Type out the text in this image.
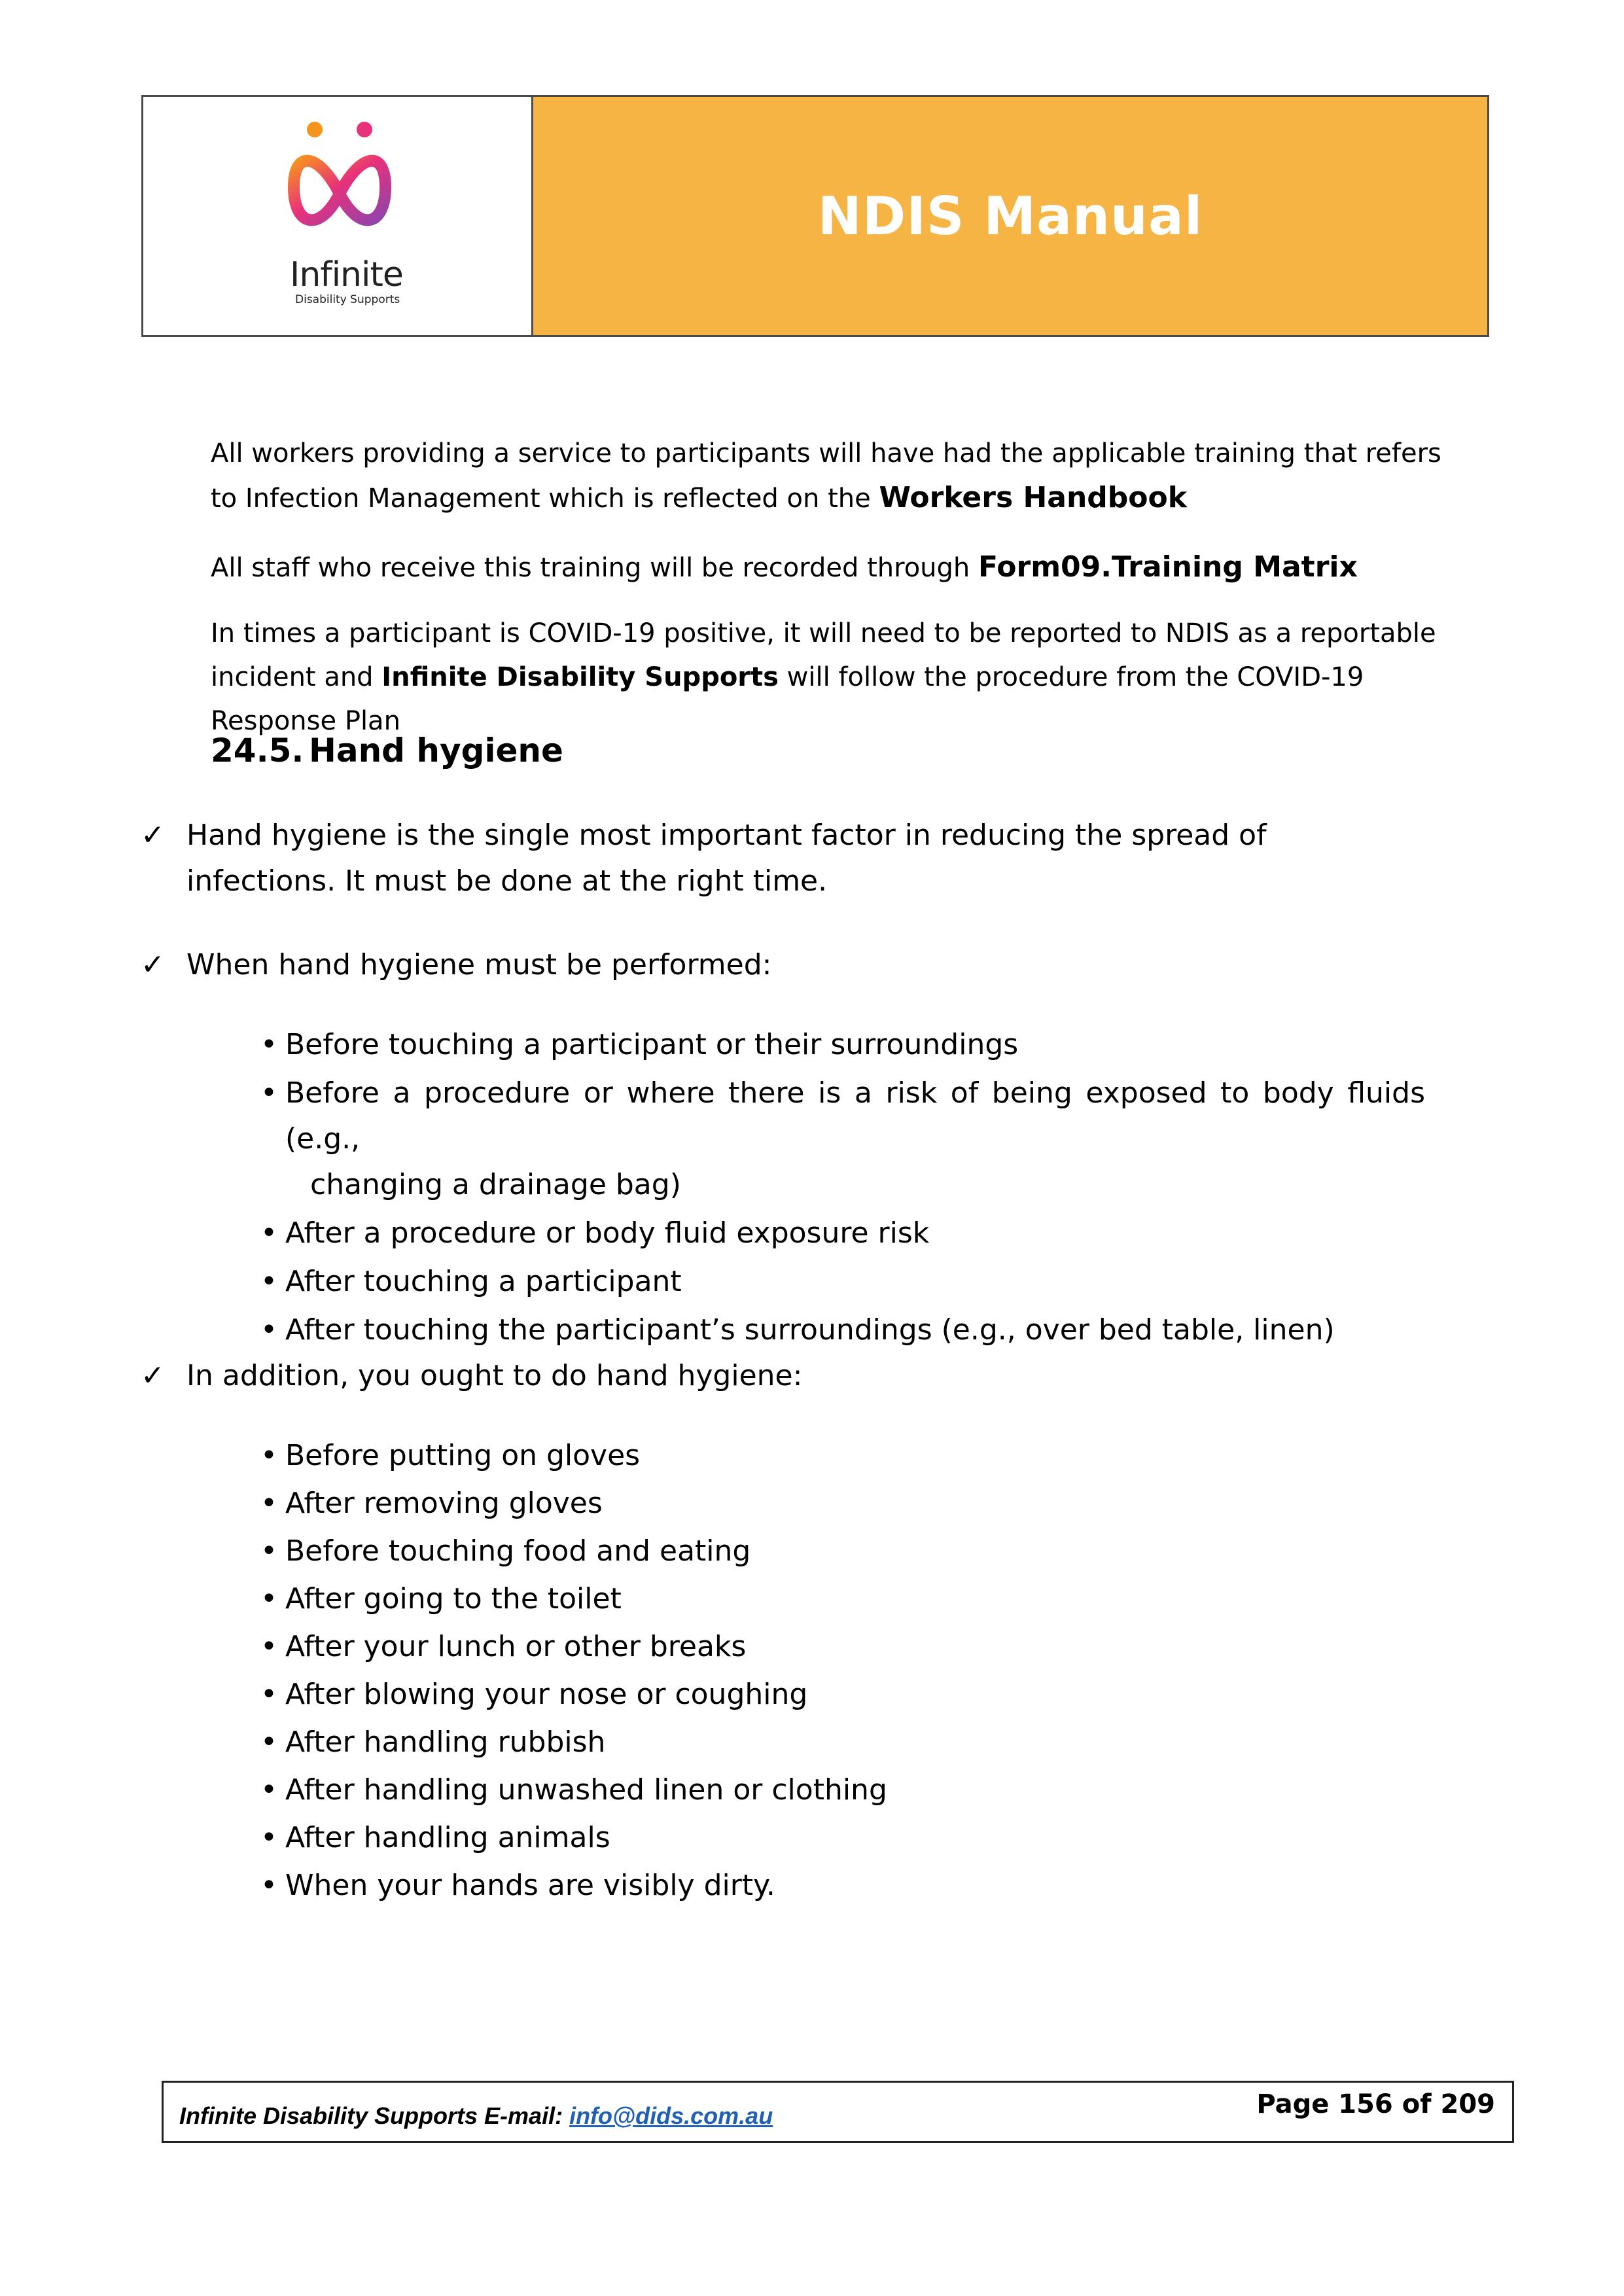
Infinite
Disability Supports
NDIS Manual
All workers providing a service to participants will have had the applicable training that refers to Infection Management which is reflected on the Workers Handbook
All staff who receive this training will be recorded through Form09.Training Matrix
In times a participant is COVID-19 positive, it will need to be reported to NDIS as a reportable incident and Infinite Disability Supports will follow the procedure from the COVID-19 Response Plan
24.5. Hand hygiene
✓ Hand hygiene is the single most important factor in reducing the spread of infections. It must be done at the right time.
✓ When hand hygiene must be performed:
• Before touching a participant or their surroundings
• Before a procedure or where there is a risk of being exposed to body fluids (e.g.,
changing a drainage bag)
• After a procedure or body fluid exposure risk
• After touching a participant
• After touching the participant’s surroundings (e.g., over bed table, linen)
✓ In addition, you ought to do hand hygiene:
• Before putting on gloves
• After removing gloves
• Before touching food and eating
• After going to the toilet
• After your lunch or other breaks
• After blowing your nose or coughing
• After handling rubbish
• After handling unwashed linen or clothing
• After handling animals
• When your hands are visibly dirty.
Infinite Disability Supports E-mail: info@dids.com.au	Page 156 of 209
